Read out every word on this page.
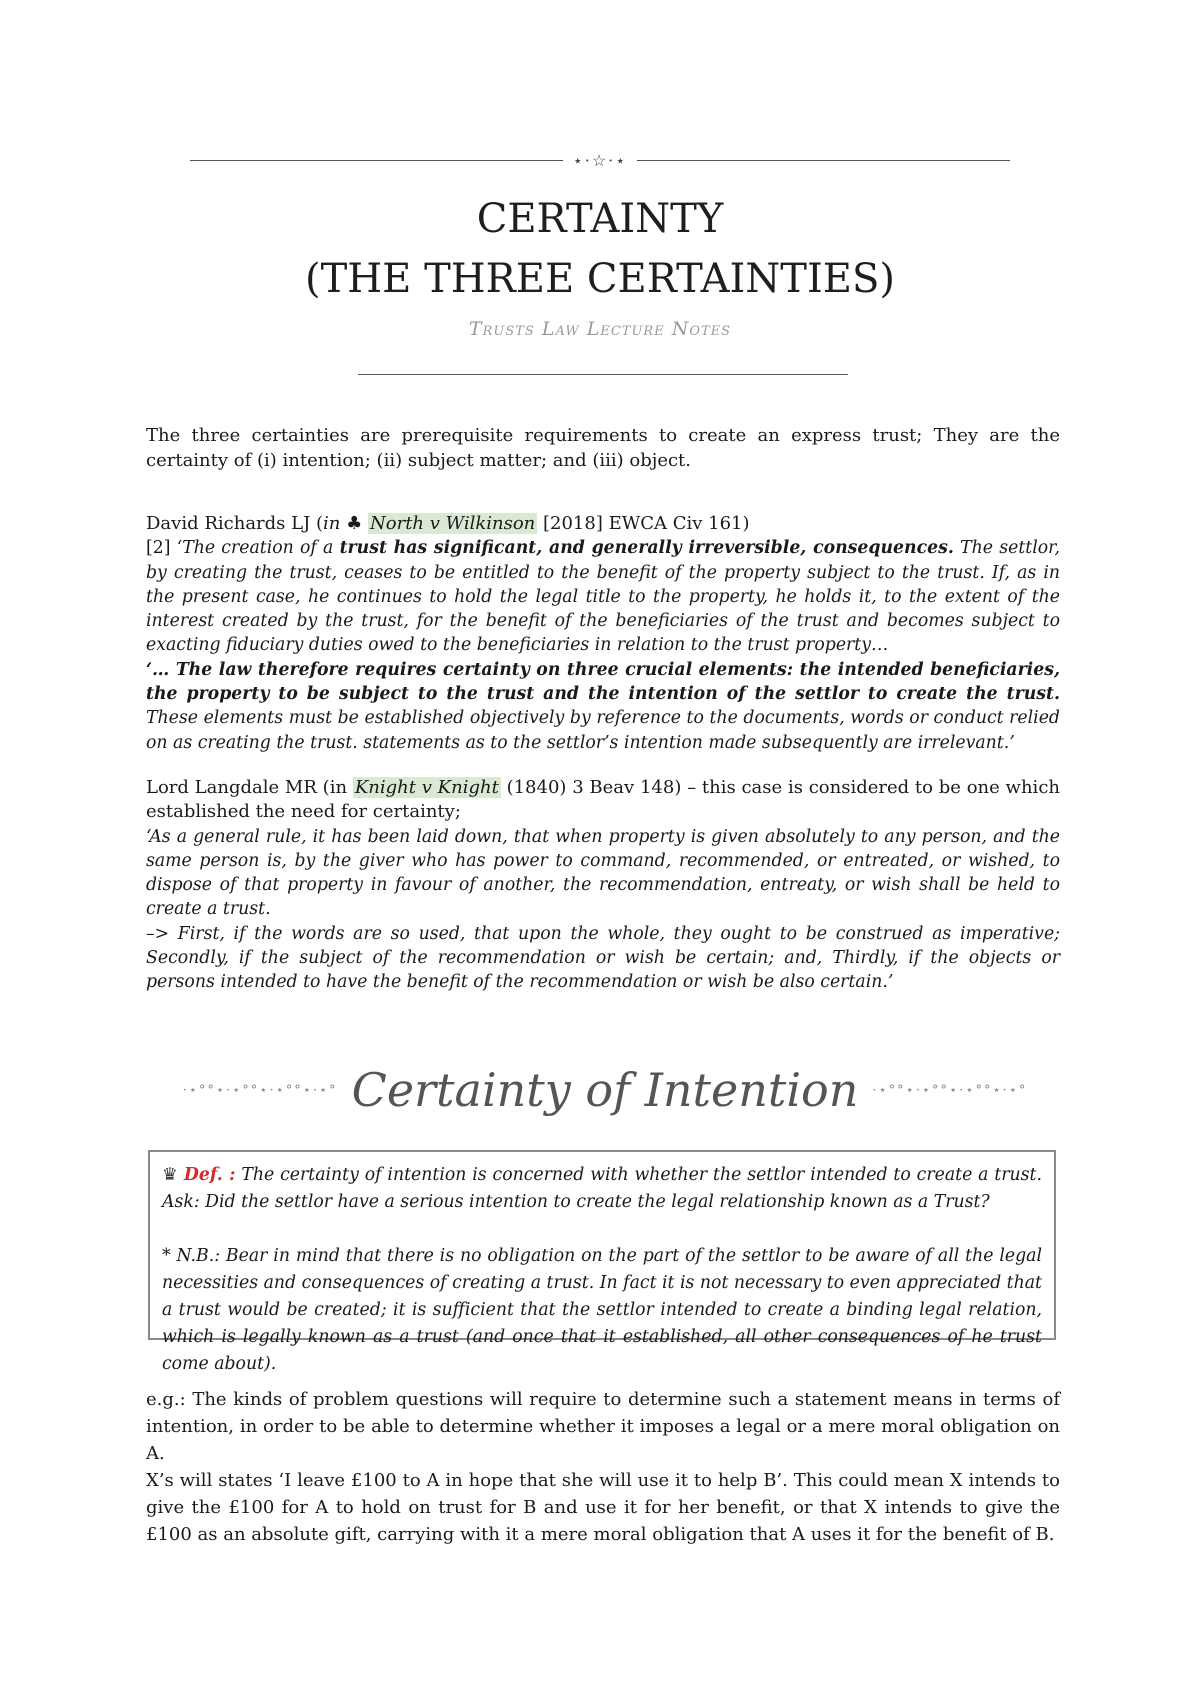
⋆·☆·⋆
CERTAINTY
(THE THREE CERTAINTIES)
Trusts Law Lecture Notes

The three certainties are prerequisite requirements to create an express trust; They are the certainty of (i) intention; (ii) subject matter; and (iii) object.

David Richards LJ (in ♣ North v Wilkinson [2018] EWCA Civ 161)

[2] ‘The creation of a trust has significant, and generally irreversible, consequences. The settlor, by creating the trust, ceases to be entitled to the benefit of the property subject to the trust. If, as in the present case, he continues to hold the legal title to the property, he holds it, to the extent of the interest created by the trust, for the benefit of the beneficiaries of the trust and becomes subject to exacting fiduciary duties owed to the beneficiaries in relation to the trust property…

‘… The law therefore requires certainty on three crucial elements: the intended beneficiaries, the property to be subject to the trust and the intention of the settlor to create the trust. These elements must be established objectively by reference to the documents, words or conduct relied on as creating the trust. statements as to the settlor’s intention made subsequently are irrelevant.’

Lord Langdale MR (in Knight v Knight (1840) 3 Beav 148) – this case is considered to be one which established the need for certainty;

‘As a general rule, it has been laid down, that when property is given absolutely to any person, and the same person is, by the giver who has power to command, recommended, or entreated, or wished, to dispose of that property in favour of another, the recommendation, entreaty, or wish shall be held to create a trust.

–> First, if the words are so used, that upon the whole, they ought to be construed as imperative; Secondly, if the subject of the recommendation or wish be certain; and, Thirdly, if the objects or persons intended to have the benefit of the recommendation or wish be also certain.’

·⋆°°⋆·⋆°°⋆·⋆°°⋆·⋆° Certainty of Intention	·⋆°°⋆·⋆°°⋆·⋆°°⋆·⋆°

♛ Def. : The certainty of intention is concerned with whether the settlor intended to create a trust. Ask: Did the settlor have a serious intention to create the legal relationship known as a Trust?

* N.B.: Bear in mind that there is no obligation on the part of the settlor to be aware of all the legal necessities and consequences of creating a trust. In fact it is not necessary to even appreciated that a trust would be created; it is sufficient that the settlor intended to create a binding legal relation, which is legally known as a trust (and once that it established, all other consequences of he trust come about).

e.g.: The kinds of problem questions will require to determine such a statement means in terms of intention, in order to be able to determine whether it imposes a legal or a mere moral obligation on A.

X’s will states ‘I leave £100 to A in hope that she will use it to help B’. This could mean X intends to give the £100 for A to hold on trust for B and use it for her benefit, or that X intends to give the £100 as an absolute gift, carrying with it a mere moral obligation that A uses it for the benefit of B.
